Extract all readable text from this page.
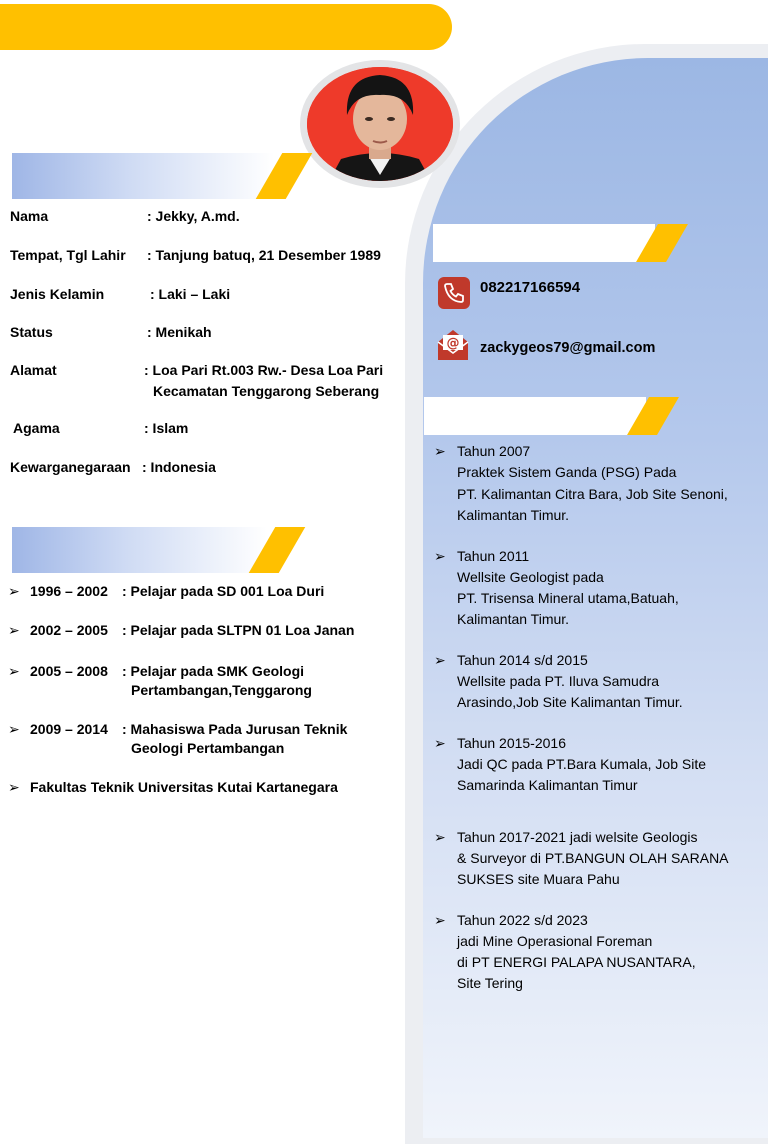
Nama	: Jekky, A.md.
Tempat, Tgl Lahir : Tanjung batuq, 21 Desember 1989
Jenis Kelamin	: Laki – Laki
Status	: Menikah
Alamat	: Loa Pari Rt.003 Rw.- Desa Loa Pari
Kecamatan Tenggarong Seberang
Agama	: Islam
Kewarganegaraan : Indonesia
➢ 1996 – 2002 : Pelajar pada SD 001 Loa Duri
➢ 2002 – 2005 : Pelajar pada SLTPN 01 Loa Janan
➢ 2005 – 2008 : Pelajar pada SMK Geologi
Pertambangan,Tenggarong
➢ 2009 – 2014 : Mahasiswa Pada Jurusan Teknik
Geologi Pertambangan
➢ Fakultas Teknik Universitas Kutai Kartanegara
082217166594
@ zackygeos79@gmail.com
➢ Tahun 2007
Praktek Sistem Ganda (PSG) Pada
PT. Kalimantan Citra Bara, Job Site Senoni,
Kalimantan Timur.
➢ Tahun 2011
Wellsite Geologist pada
PT. Trisensa Mineral utama,Batuah,
Kalimantan Timur.
➢ Tahun 2014 s/d 2015
Wellsite pada PT. Iluva Samudra
Arasindo,Job Site Kalimantan Timur.
➢ Tahun 2015-2016
Jadi QC pada PT.Bara Kumala, Job Site
Samarinda Kalimantan Timur
➢ Tahun 2017-2021 jadi welsite Geologis
& Surveyor di PT.BANGUN OLAH SARANA
SUKSES site Muara Pahu
➢ Tahun 2022 s/d 2023
jadi Mine Operasional Foreman
di PT ENERGI PALAPA NUSANTARA,
Site Tering
